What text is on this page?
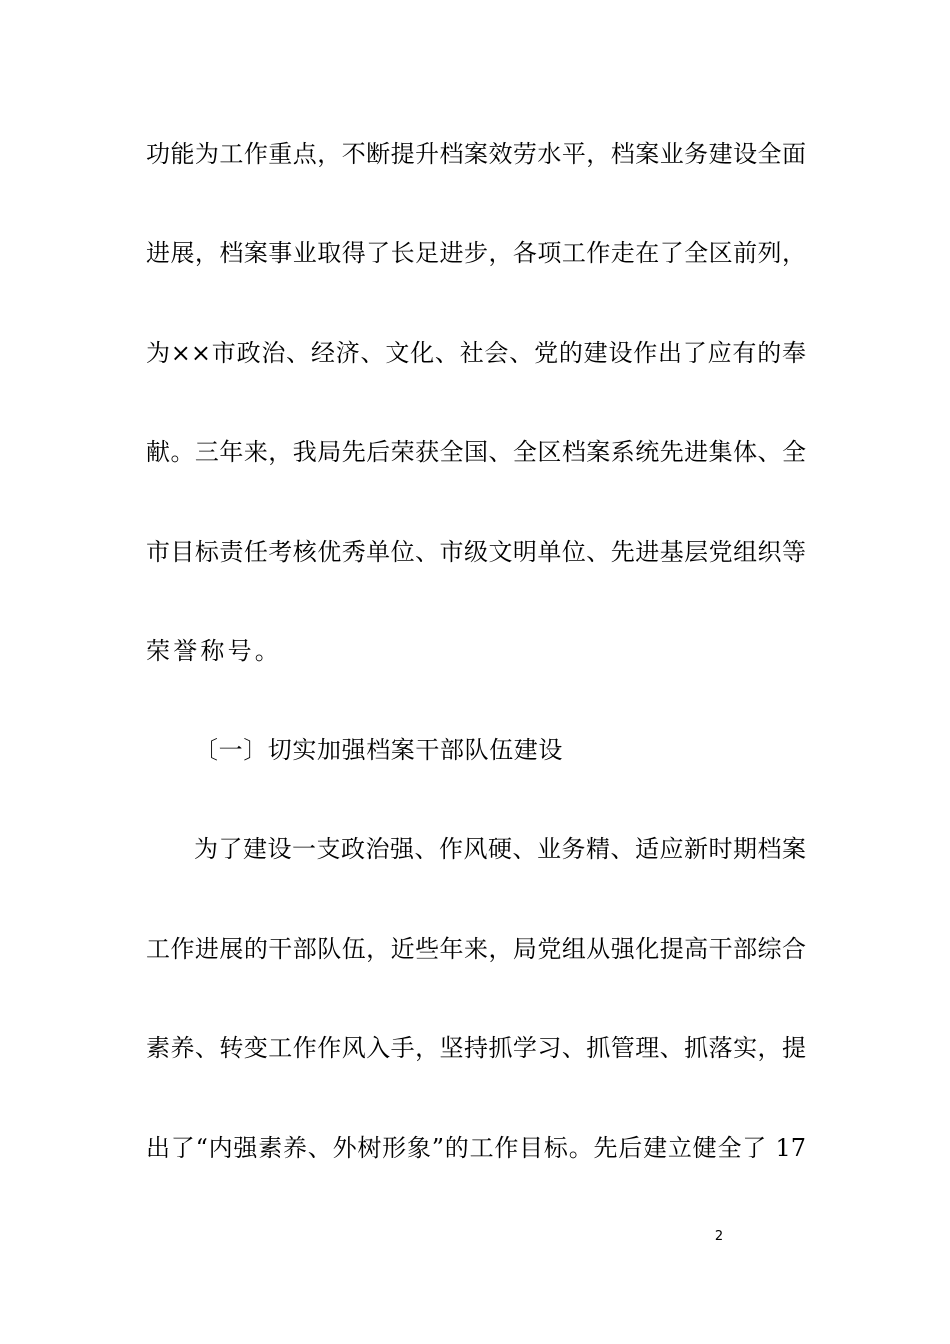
功能为工作重点，不断提升档案效劳水平，档案业务建设全面
进展，档案事业取得了长足进步，各项工作走在了全区前列，
为××市政治、经济、文化、社会、党的建设作出了应有的奉
献。三年来，我局先后荣获全国、全区档案系统先进集体、全
市目标责任考核优秀单位、市级文明单位、先进基层党组织等
荣誉称号。
〔一〕切实加强档案干部队伍建设
为了建设一支政治强、作风硬、业务精、适应新时期档案
工作进展的干部队伍，近些年来，局党组从强化提高干部综合
素养、转变工作作风入手，坚持抓学习、抓管理、抓落实，提
出了“内强素养、外树形象”的工作目标。先后建立健全了 17
2
